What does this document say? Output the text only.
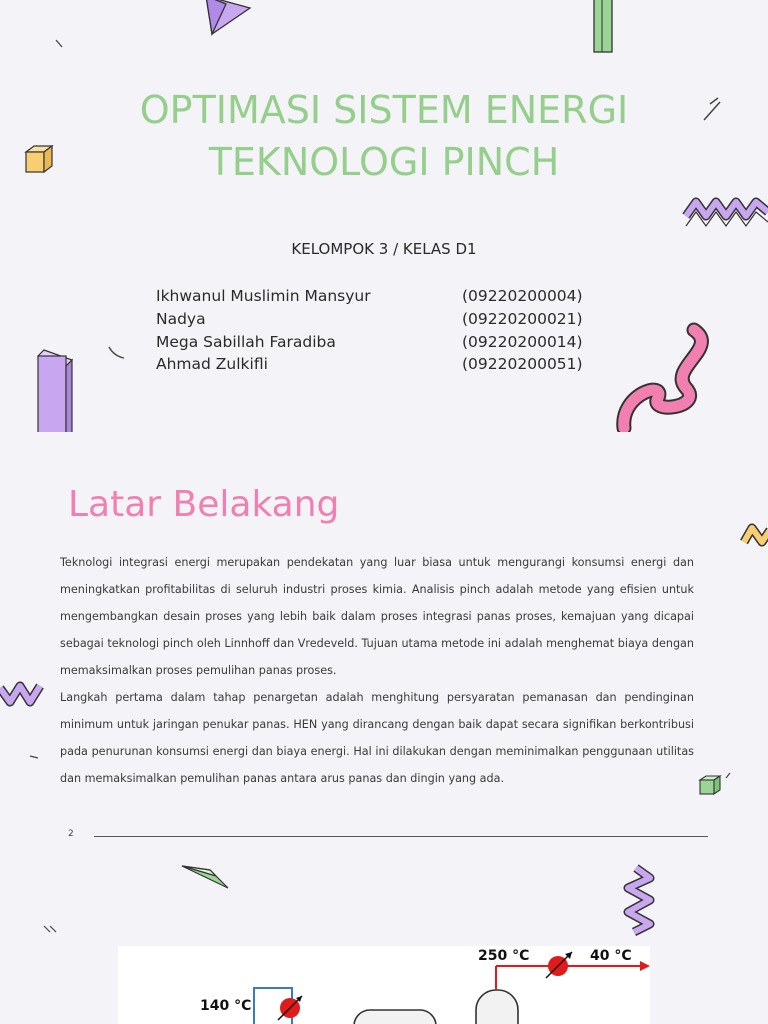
OPTIMASI SISTEM ENERGI
TEKNOLOGI PINCH
KELOMPOK 3 / KELAS D1
Ikhwanul Muslimin Mansyur	(09220200004)
Nadya	(09220200021)
Mega Sabillah Faradiba	(09220200014)
Ahmad Zulkifli	(09220200051)
Latar Belakang

Teknologi integrasi energi merupakan pendekatan yang luar biasa untuk mengurangi konsumsi energi dan meningkatkan profitabilitas di seluruh industri proses kimia. Analisis pinch adalah metode yang efisien untuk mengembangkan desain proses yang lebih baik dalam proses integrasi panas proses, kemajuan yang dicapai sebagai teknologi pinch oleh Linnhoff dan Vredeveld. Tujuan utama metode ini adalah menghemat biaya dengan memaksimalkan proses pemulihan panas proses.

Langkah pertama dalam tahap penargetan adalah menghitung persyaratan pemanasan dan pendinginan minimum untuk jaringan penukar panas. HEN yang dirancang dengan baik dapat secara signifikan berkontribusi pada penurunan konsumsi energi dan biaya energi. Hal ini dilakukan dengan meminimalkan penggunaan utilitas dan memaksimalkan pemulihan panas antara arus panas dan dingin yang ada.

2
140 °C
250 °C	40 °C
